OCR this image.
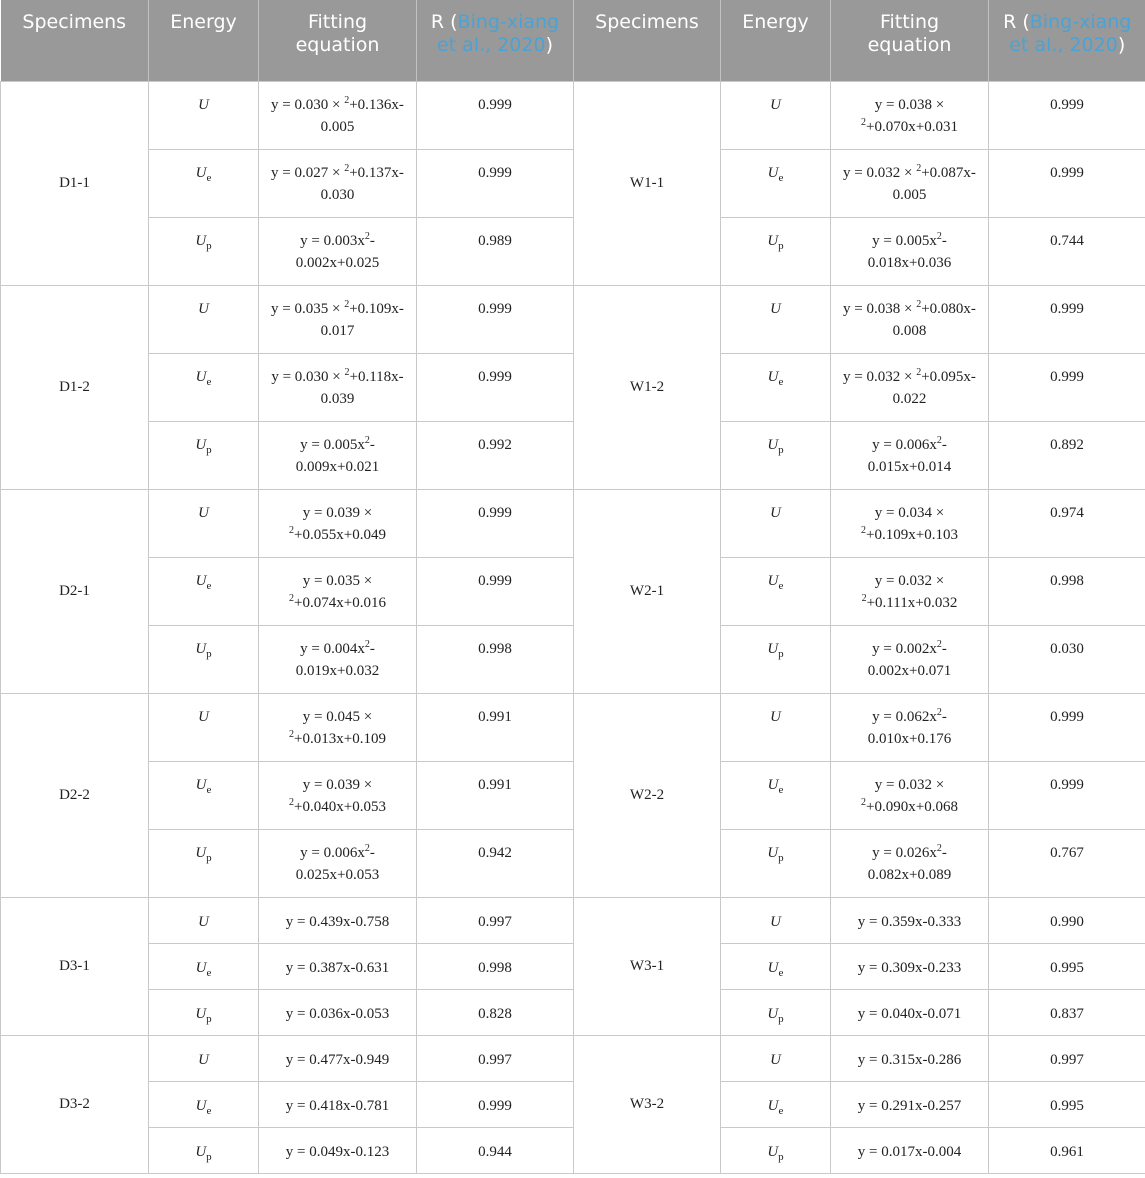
Specimens	Energy	Fitting equation	R (Bing-xiang et al., 2020)	Specimens	Energy	Fitting equation	R (Bing-xiang et al., 2020)
D1-1	U	y = 0.030 × $^2$+0.136x-0.005	0.999	W1-1	U	y = 0.038 × $^2$+0.070x+0.031	0.999
	$U_e$	y = 0.027 × $^2$+0.137x-0.030	0.999		$U_e$	y = 0.032 × $^2$+0.087x-0.005	0.999
	$U_p$	$y = 0.003x^2-0.002x+0.025$	0.989		$U_p$	$y = 0.005x^2-0.018x+0.036$	0.744
D1-2	U	y = 0.035 × $^2$+0.109x-0.017	0.999	W1-2	U	y = 0.038 × $^2$+0.080x-0.008	0.999
	$U_e$	y = 0.030 × $^2$+0.118x-0.039	0.999		$U_e$	y = 0.032 × $^2$+0.095x-0.022	0.999
	$U_p$	$y = 0.005x^2-0.009x+0.021$	0.992		$U_p$	$y = 0.006x^2-0.015x+0.014$	0.892
D2-1	U	y = 0.039 × $^2$+0.055x+0.049	0.999	W2-1	U	y = 0.034 × $^2$+0.109x+0.103	0.974
	$U_e$	y = 0.035 × $^2$+0.074x+0.016	0.999		$U_e$	y = 0.032 × $^2$+0.111x+0.032	0.998
	$U_p$	$y = 0.004x^2-0.019x+0.032$	0.998		$U_p$	$y = 0.002x^2-0.002x+0.071$	0.030
D2-2	U	y = 0.045 × $^2$+0.013x+0.109	0.991	W2-2	U	$y = 0.062x^2-0.010x+0.176$	0.999
	$U_e$	y = 0.039 × $^2$+0.040x+0.053	0.991		$U_e$	y = 0.032 × $^2$+0.090x+0.068	0.999
	$U_p$	$y = 0.006x^2-0.025x+0.053$	0.942		$U_p$	$y = 0.026x^2-0.082x+0.089$	0.767
D3-1	U	y = 0.439x-0.758	0.997	W3-1	U	y = 0.359x-0.333	0.990
	$U_e$	y = 0.387x-0.631	0.998		$U_e$	y = 0.309x-0.233	0.995
	$U_p$	y = 0.036x-0.053	0.828		$U_p$	y = 0.040x-0.071	0.837
D3-2	U	y = 0.477x-0.949	0.997	W3-2	U	y = 0.315x-0.286	0.997
	$U_e$	y = 0.418x-0.781	0.999		$U_e$	y = 0.291x-0.257	0.995
	$U_p$	y = 0.049x-0.123	0.944		$U_p$	y = 0.017x-0.004	0.961
